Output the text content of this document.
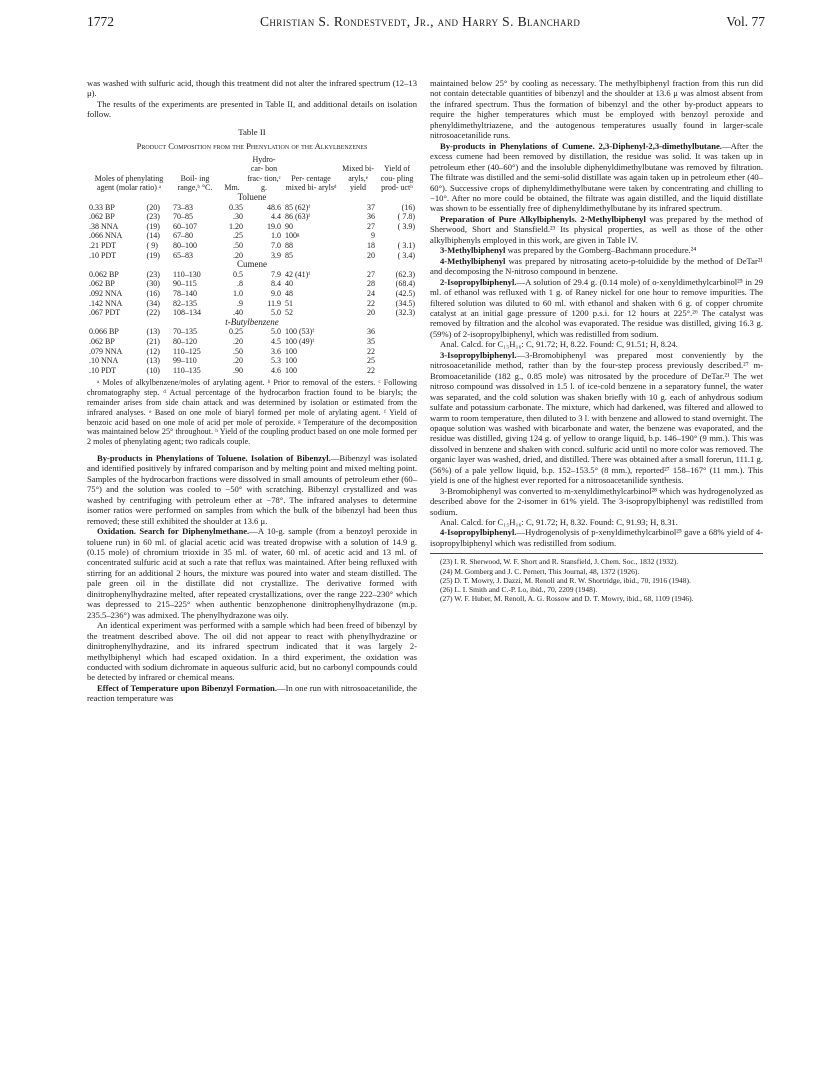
1772	Christian S. Rondestvedt, Jr., and Harry S. Blanchard	Vol. 77

was washed with sulfuric acid, though this treatment did not alter the infrared spectrum (12–13 μ).

The results of the experiments are presented in Table II, and additional details on isolation follow.

Table II
Product Composition from the Phenylation of the Alkylbenzenes
Moles of phenylating agent (molar ratio) ᵃ		Boil- ing range,ᵇ °C.	Mm.	Hydro- car- bon frac- tion,ᶜ g.	Per- centage mixed bi- arylsᵈ	Mixed bi- aryls,ᵉ yield	Yield of cou- pling prod- uctʰ
Toluene							
0.33 BP	(20)	73–83	0.35	48.6	85 (62)ᶠ	37	(16)
.062 BP	(23)	70–85	.30	4.4	86 (63)ᶠ	36	( 7.8)
.38 NNA	(19)	60–107	1.20	19.0	90	27	( 3.9)
.066 NNA	(14)	67–80	.25	1.0	100ᵍ	9	
.21 PDT	( 9)	80–100	.50	7.0	88	18	( 3.1)
.10 PDT	(19)	65–83	.20	3.9	85	20	( 3.4)
Cumene							
0.062 BP	(23)	110–130	0.5	7.9	42 (41)ᶠ	27	(62.3)
.062 BP	(30)	90–115	.8	8.4	40	28	(68.4)
.092 NNA	(16)	78–140	1.0	9.0	48	24	(42.5)
.142 NNA	(34)	82–135	.9	11.9	51	22	(34.5)
.067 PDT	(22)	108–134	.40	5.0	52	20	(32.3)
t-Butylbenzene							
0.066 BP	(13)	70–135	0.25	5.0	100 (53)ᶠ	36	
.062 BP	(21)	80–120	.20	4.5	100 (49)ᶠ	35	
.079 NNA	(12)	110–125	.50	3.6	100	22	
.10 NNA	(13)	99–110	.20	5.3	100	25	
.10 PDT	(10)	110–135	.90	4.6	100	22	

ᵃ Moles of alkylbenzene/moles of arylating agent. ᵇ Prior to removal of the esters. ᶜ Following chromatography step. ᵈ Actual percentage of the hydrocarbon fraction found to be biaryls; the remainder arises from side chain attack and was determined by isolation or estimated from the infrared analyses. ᵉ Based on one mole of biaryl formed per mole of arylating agent. ᶠ Yield of benzoic acid based on one mole of acid per mole of peroxide. ᵍ Temperature of the decomposition was maintained below 25° throughout. ʰ Yield of the coupling product based on one mole formed per 2 moles of phenylating agent; two radicals couple.

By-products in Phenylations of Toluene. Isolation of Bibenzyl.—Bibenzyl was isolated and identified positively by infrared comparison and by melting point and mixed melting point. Samples of the hydrocarbon fractions were dissolved in small amounts of petroleum ether (60–75°) and the solution was cooled to −50° with scratching. Bibenzyl crystallized and was washed by centrifuging with petroleum ether at −78°. The infrared analyses to determine isomer ratios were performed on samples from which the bulk of the bibenzyl had been thus removed; these still exhibited the shoulder at 13.6 μ.

Oxidation. Search for Diphenylmethane.—A 10-g. sample (from a benzoyl peroxide in toluene run) in 60 ml. of glacial acetic acid was treated dropwise with a solution of 14.9 g. (0.15 mole) of chromium trioxide in 35 ml. of water, 60 ml. of acetic acid and 13 ml. of concentrated sulfuric acid at such a rate that reflux was maintained. After being refluxed with stirring for an additional 2 hours, the mixture was poured into water and steam distilled. The pale green oil in the distillate did not crystallize. The derivative formed with dinitrophenylhydrazine melted, after repeated crystallizations, over the range 222–230° which was depressed to 215–225° when authentic benzophenone dinitrophenylhydrazone (m.p. 235.5–236°) was admixed. The phenylhydrazone was oily.

An identical experiment was performed with a sample which had been freed of bibenzyl by the treatment described above. The oil did not appear to react with phenylhydrazine or dinitrophenylhydrazine, and its infrared spectrum indicated that it was largely 2-methylbiphenyl which had escaped oxidation. In a third experiment, the oxidation was conducted with sodium dichromate in aqueous sulfuric acid, but no carbonyl compounds could be detected by infrared or chemical means.

Effect of Temperature upon Bibenzyl Formation.—In one run with nitrosoacetanilide, the reaction temperature was

maintained below 25° by cooling as necessary. The methylbiphenyl fraction from this run did not contain detectable quantities of bibenzyl and the shoulder at 13.6 μ was almost absent from the infrared spectrum. Thus the formation of bibenzyl and the other by-product appears to require the higher temperatures which must be employed with benzoyl peroxide and phenyldimethyltriazene, and the autogenous temperatures usually found in larger-scale nitrosoacetanilide runs.

By-products in Phenylations of Cumene. 2,3-Diphenyl-2,3-dimethylbutane.—After the excess cumene had been removed by distillation, the residue was solid. It was taken up in petroleum ether (40–60°) and the insoluble diphenyldimethylbutane was removed by filtration. The filtrate was distilled and the semi-solid distillate was again taken up in petroleum ether (40–60°). Successive crops of diphenyldimethylbutane were taken by concentrating and chilling to −10°. After no more could be obtained, the filtrate was again distilled, and the liquid distillate was shown to be essentially free of diphenyldimethylbutane by its infrared spectrum.

Preparation of Pure Alkylbiphenyls. 2-Methylbiphenyl was prepared by the method of Sherwood, Short and Stansfield.²³ Its physical properties, as well as those of the other alkylbiphenyls employed in this work, are given in Table IV.

3-Methylbiphenyl was prepared by the Gomberg–Bachmann procedure.²⁴

4-Methylbiphenyl was prepared by nitrosating aceto-p-toluidide by the method of DeTar²¹ and decomposing the N-nitroso compound in benzene.

2-Isopropylbiphenyl.—A solution of 29.4 g. (0.14 mole) of o-xenyldimethylcarbinol²⁵ in 29 ml. of ethanol was refluxed with 1 g. of Raney nickel for one hour to remove impurities. The filtered solution was diluted to 60 ml. with ethanol and shaken with 6 g. of copper chromite catalyst at an initial gage pressure of 1200 p.s.i. for 12 hours at 225°.²⁶ The catalyst was removed by filtration and the alcohol was evaporated. The residue was distilled, giving 16.3 g. (59%) of 2-isopropylbiphenyl, which was redistilled from sodium.

Anal. Calcd. for C₁₅H₁₆: C, 91.72; H, 8.22. Found: C, 91.51; H, 8.24.

3-Isopropylbiphenyl.—3-Bromobiphenyl was prepared most conveniently by the nitrosoacetanilide method, rather than by the four-step process previously described.²⁷ m-Bromoacetanilide (182 g., 0.85 mole) was nitrosated by the procedure of DeTar.²¹ The wet nitroso compound was dissolved in 1.5 l. of ice-cold benzene in a separatory funnel, the water was separated, and the cold solution was shaken briefly with 10 g. each of anhydrous sodium sulfate and potassium carbonate. The mixture, which had darkened, was filtered and allowed to warm to room temperature, then diluted to 3 l. with benzene and allowed to stand overnight. The opaque solution was washed with bicarbonate and water, the benzene was evaporated, and the residue was distilled, giving 124 g. of yellow to orange liquid, b.p. 146–190° (9 mm.). This was dissolved in benzene and shaken with concd. sulfuric acid until no more color was removed. The organic layer was washed, dried, and distilled. There was obtained after a small forerun, 111.1 g. (56%) of a pale yellow liquid, b.p. 152–153.5° (8 mm.), reported²⁷ 158–167° (11 mm.). This yield is one of the highest ever reported for a nitrosoacetanilide synthesis.

3-Bromobiphenyl was converted to m-xenyldimethylcarbinol²⁸ which was hydrogenolyzed as described above for the 2-isomer in 61% yield. The 3-isopropylbiphenyl was redistilled from sodium.

Anal. Calcd. for C₁₅H₁₆: C, 91.72; H, 8.32. Found: C, 91.93; H, 8.31.

4-Isopropylbiphenyl.—Hydrogenolysis of p-xenyldimethylcarbinol²⁵ gave a 68% yield of 4-isopropylbiphenyl which was redistilled from sodium.

(23) I. R. Sherwood, W. F. Short and R. Stansfield, J. Chem. Soc., 1832 (1932).
(24) M. Gomberg and J. C. Pernert, This Journal, 48, 1372 (1926).
(25) D. T. Mowry, J. Dazzi, M. Renoll and R. W. Shortridge, ibid., 70, 1916 (1948).
(26) L. I. Smith and C.-P. Lo, ibid., 70, 2209 (1948).
(27) W. F. Huber, M. Renoll, A. G. Rossow and D. T. Mowry, ibid., 68, 1109 (1946).
